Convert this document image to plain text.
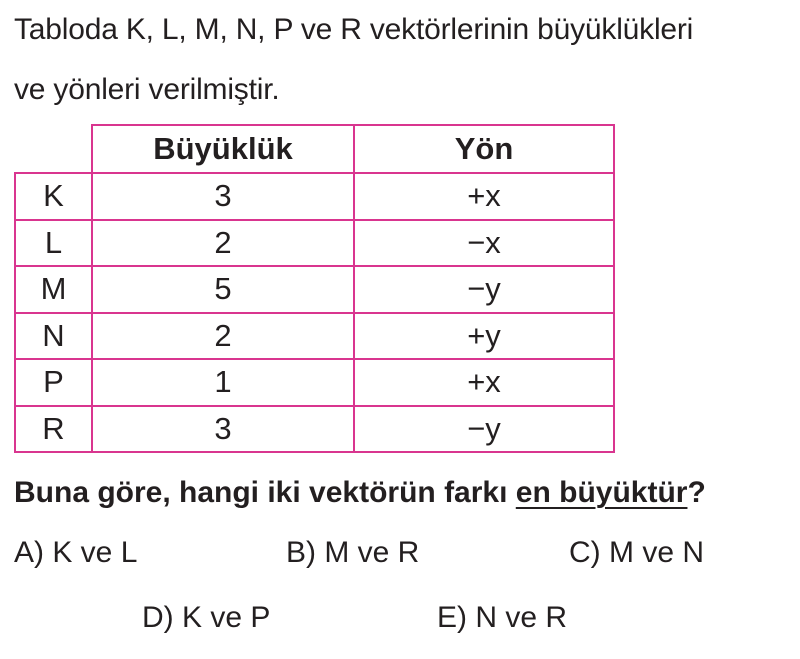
Tabloda K, L, M, N, P ve R vektörlerinin büyüklükleri
ve yönleri verilmiştir.
	Büyüklük	Yön
K	3	+x
L	2	−x
M	5	−y
N	2	+y
P	1	+x
R	3	−y
Buna göre, hangi iki vektörün farkı en büyüktür?
A) K ve L	B) M ve R	C) M ve N
D) K ve P	E) N ve R
